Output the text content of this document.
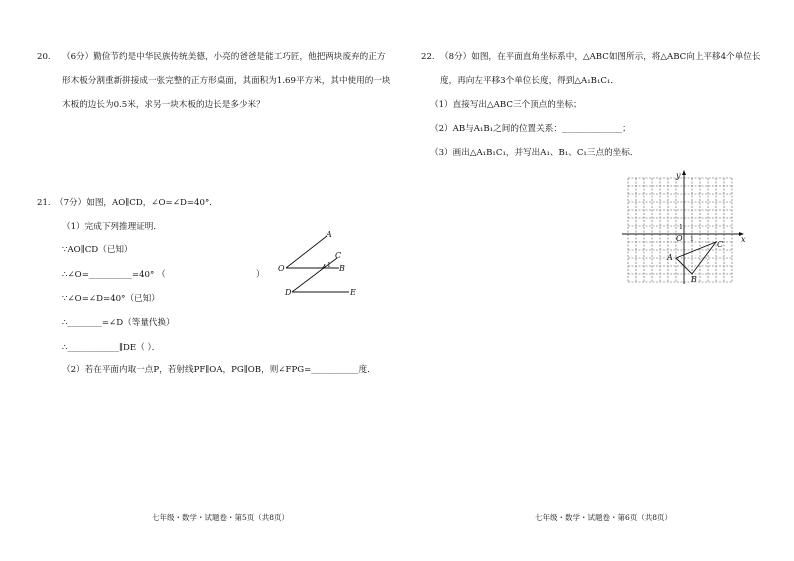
20. （6分）勤俭节约是中华民族传统美德，小亮的爸爸是能工巧匠，他把两块废弃的正方
形木板分割重新拼接成一张完整的正方形桌面，其面积为1.69平方米，其中使用的一块
木板的边长为0.5米，求另一块木板的边长是多少米？
21. （7分）如图，AO∥CD，∠O=∠D=40°．
（1）完成下列推理证明．
∵AO∥CD（已知）
∴∠O=__________=40° （	）
∵∠O=∠D=40°（已知）
∴________=∠D（等量代换）
∴____________∥DE（ ）．
（2）若在平面内取一点P，若射线PF∥OA，PG∥OB，则∠FPG=___________度．
A
C
B
O
D	E
1
七年级・数学・试题卷・第5页（共8页）
22. （8分）如图，在平面直角坐标系中，△ABC如图所示，将△ABC向上平移4个单位长
度，再向左平移3个单位长度，得到△A₁B₁C₁．
（1）直接写出△ABC三个顶点的坐标；
（2）AB与A₁B₁之间的位置关系：______________；
（3）画出△A₁B₁C₁，并写出A₁、B₁、C₁三点的坐标．
y
x
O 1
1
A
B
C
七年级・数学・试题卷・第6页（共8页）
